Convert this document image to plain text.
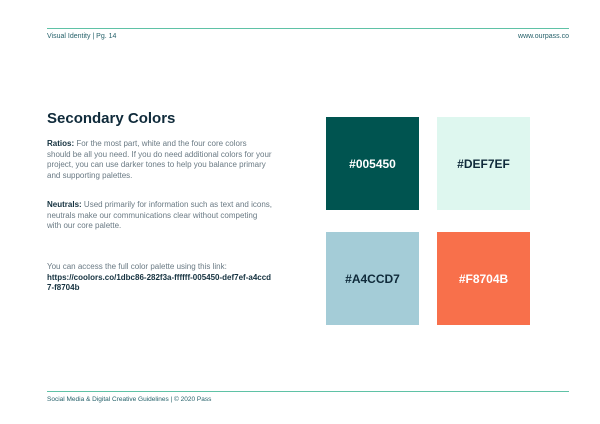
Visual Identity | Pg. 14	www.ourpass.co
Secondary Colors
Ratios: For the most part, white and the four core colors should be all you need. If you do need additional colors for your project, you can use darker tones to help you balance primary and supporting palettes.
Neutrals: Used primarily for information such as text and icons, neutrals make our communications clear without competing with our core palette.
You can access the full color palette using this link:
https://coolors.co/1dbc86-282f3a-ffffff-005450-def7ef-a4ccd7-f8704b
#005450	#DEF7EF
#A4CCD7	#F8704B
Social Media & Digital Creative Guidelines | © 2020 Pass
